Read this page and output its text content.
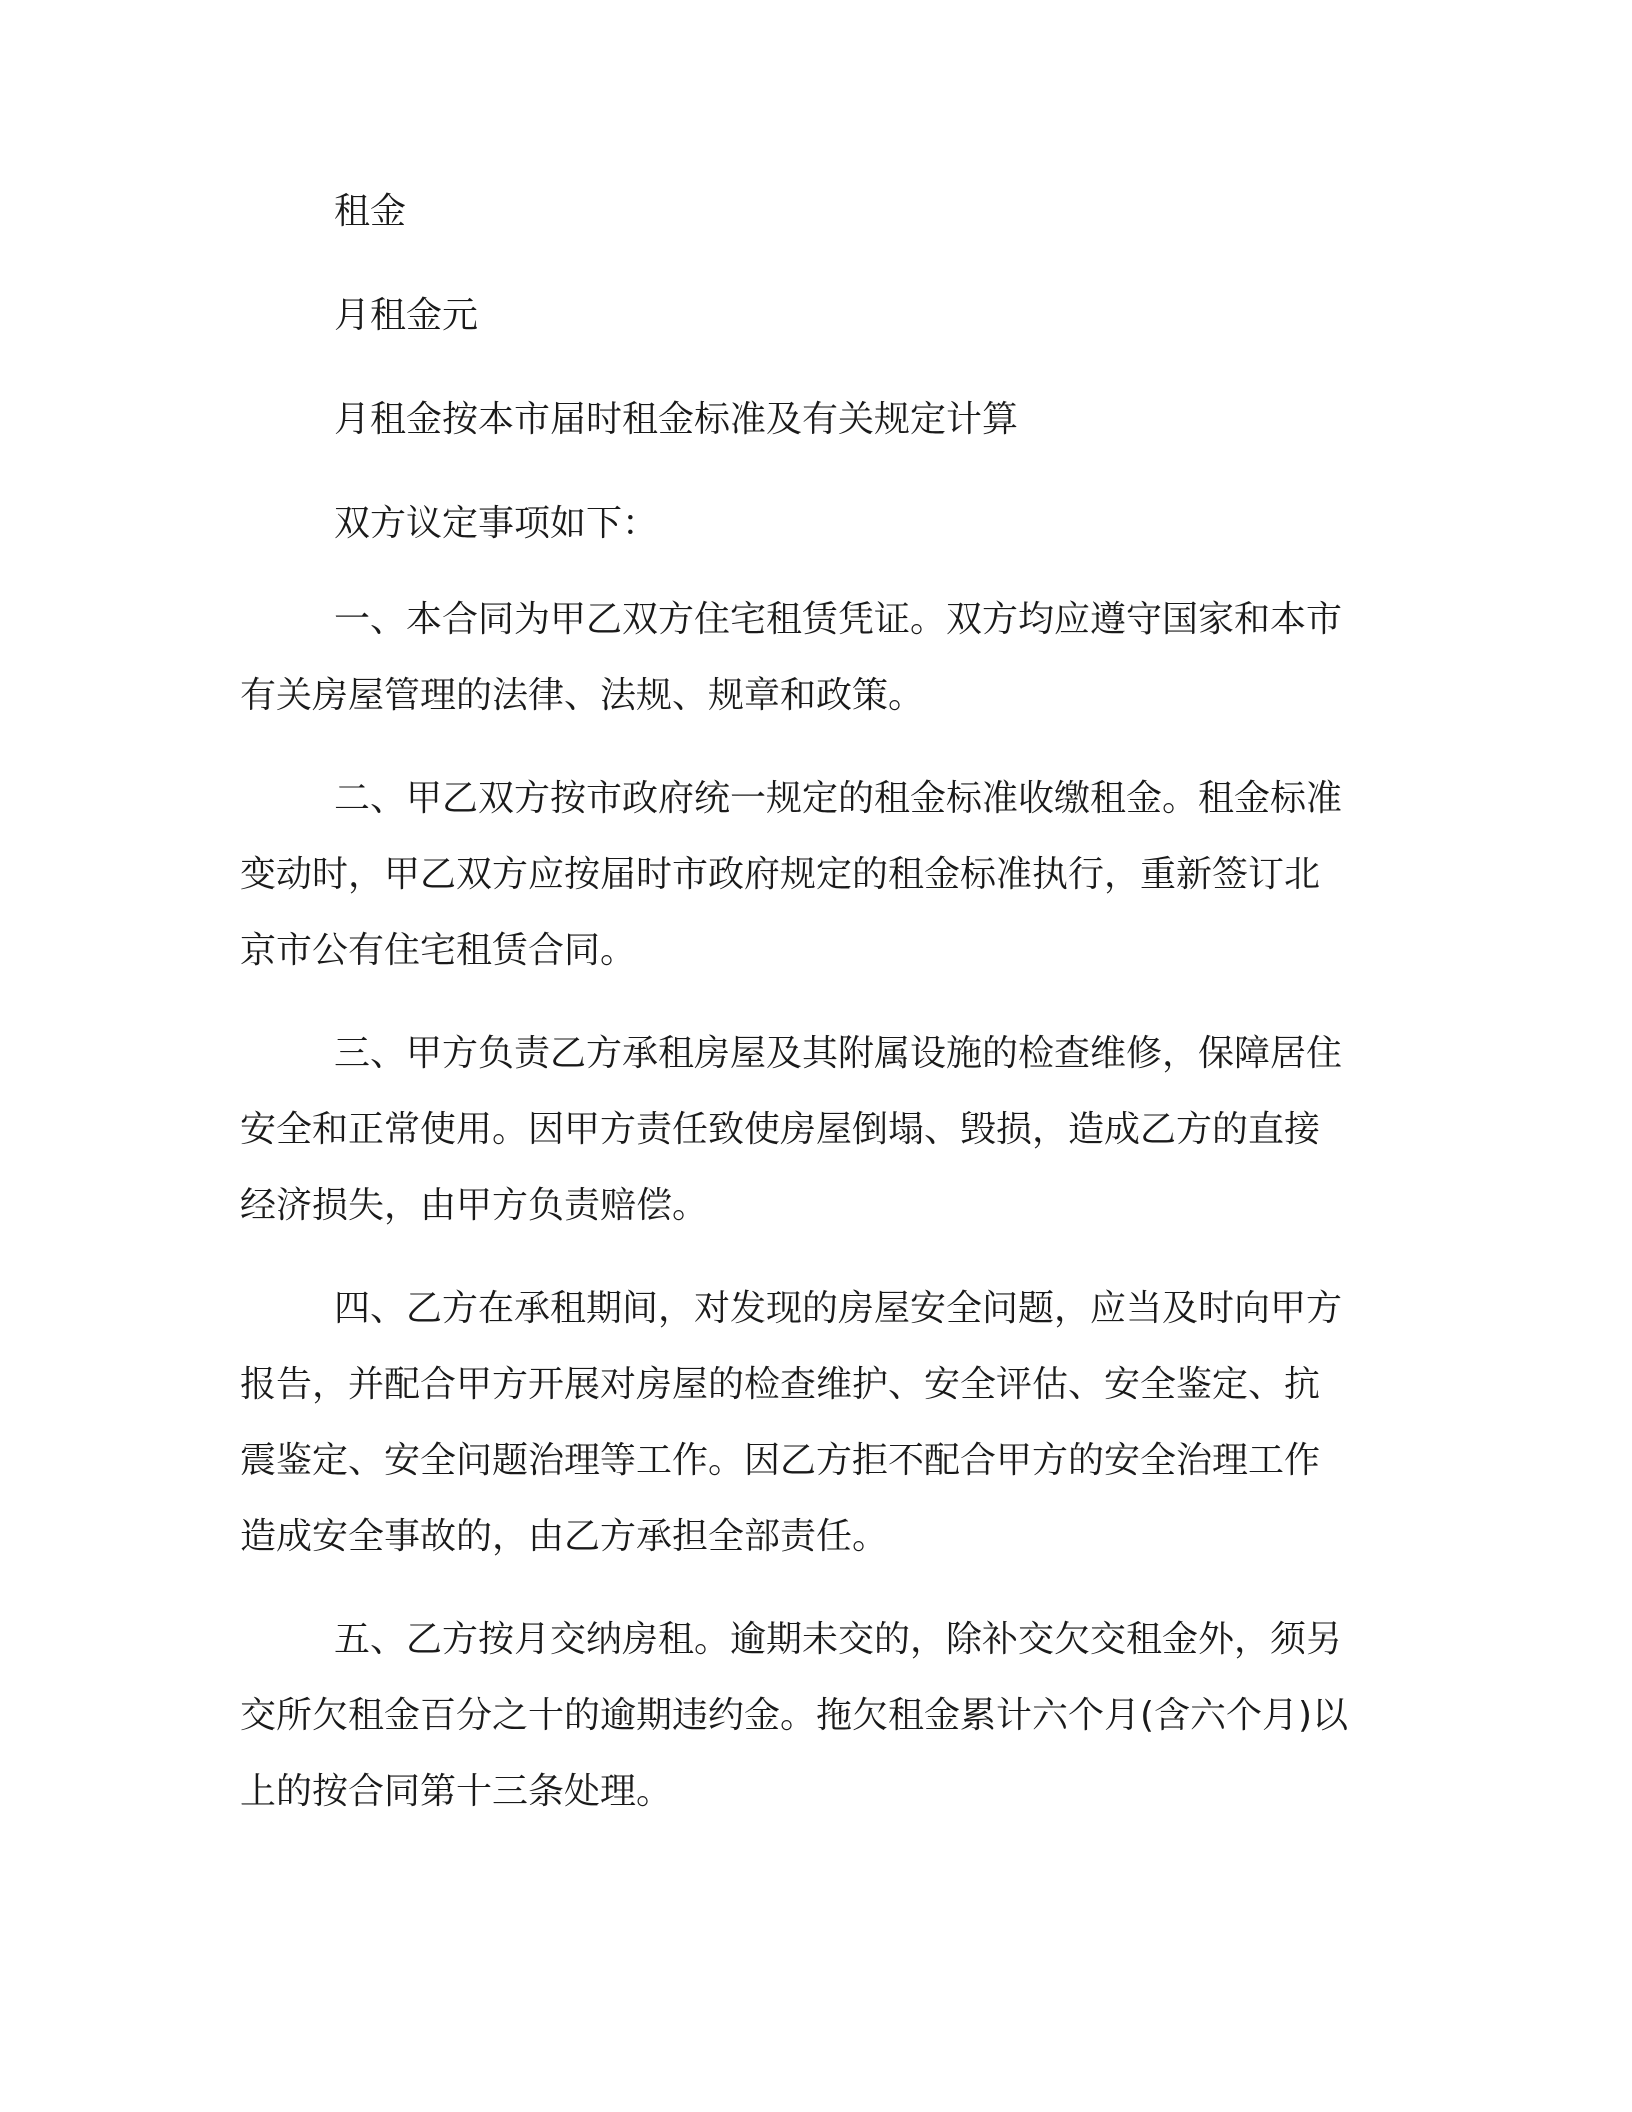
租金

月租金元

月租金按本市届时租金标准及有关规定计算

双方议定事项如下：

一、本合同为甲乙双方住宅租赁凭证。双方均应遵守国家和本市
有关房屋管理的法律、法规、规章和政策。
二、甲乙双方按市政府统一规定的租金标准收缴租金。租金标准
变动时，甲乙双方应按届时市政府规定的租金标准执行，重新签订北
京市公有住宅租赁合同。
三、甲方负责乙方承租房屋及其附属设施的检查维修，保障居住
安全和正常使用。因甲方责任致使房屋倒塌、毁损，造成乙方的直接
经济损失，由甲方负责赔偿。
四、乙方在承租期间，对发现的房屋安全问题，应当及时向甲方
报告，并配合甲方开展对房屋的检查维护、安全评估、安全鉴定、抗
震鉴定、安全问题治理等工作。因乙方拒不配合甲方的安全治理工作
造成安全事故的，由乙方承担全部责任。
五、乙方按月交纳房租。逾期未交的，除补交欠交租金外，须另
交所欠租金百分之十的逾期违约金。拖欠租金累计六个月(含六个月)以
上的按合同第十三条处理。
